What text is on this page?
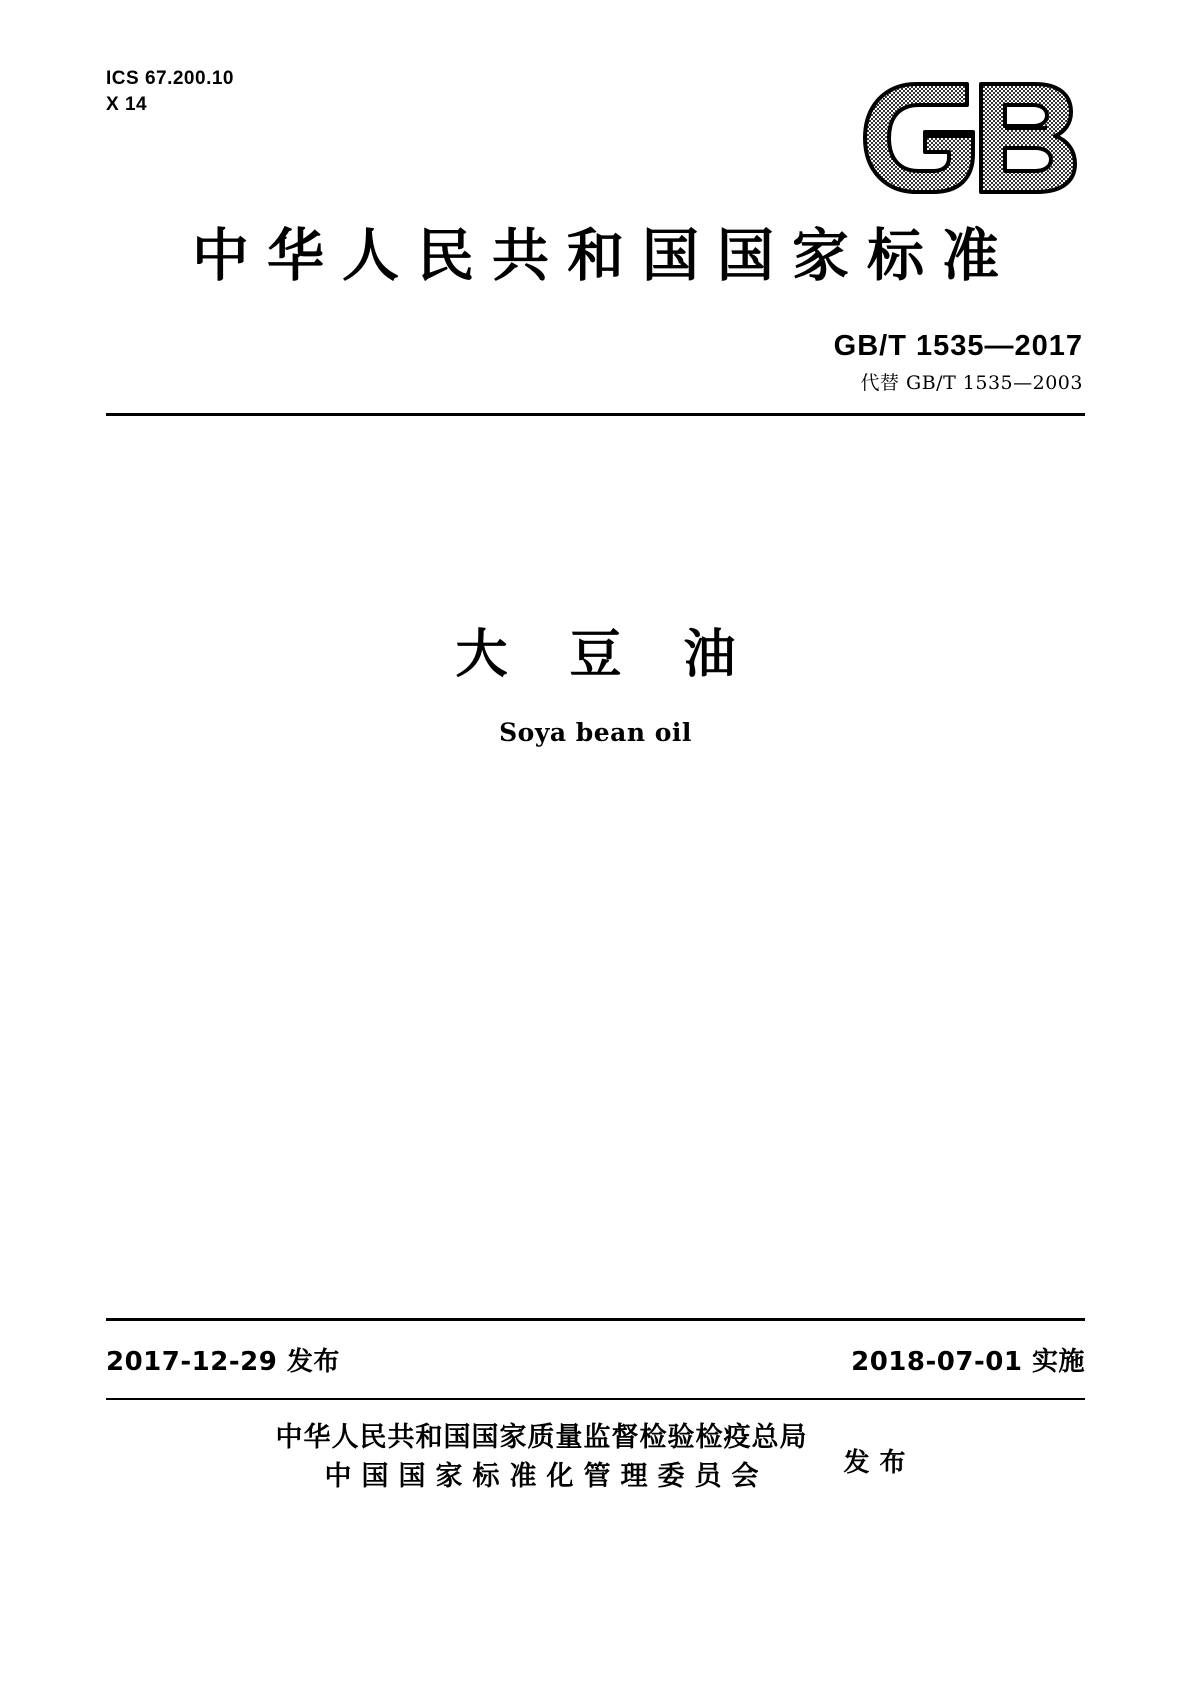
ICS 67.200.10
X 14
中华人民共和国国家标准
GB/T 1535—2017
代替 GB/T 1535—2003
大豆油
Soya bean oil
2017-12-29 发布	2018-07-01 实施
中华人民共和国国家质量监督检验检疫总局
中国国家标准化管理委员会	发布
